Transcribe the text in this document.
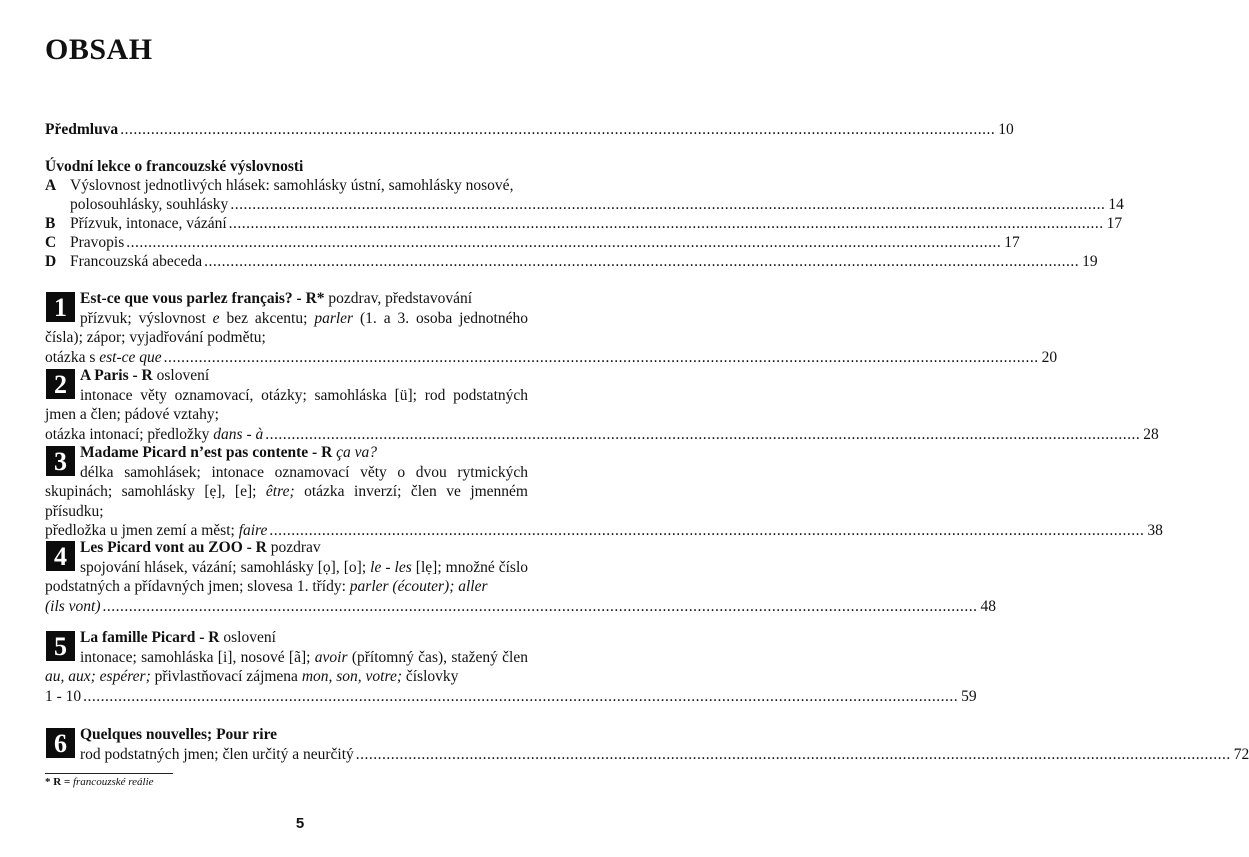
OBSAH
Předmluva .....	10
Úvodní lekce o francouzské výslovnosti
A Výslovnost jednotlivých hlásek: samohlásky ústní, samohlásky nosové,
polosouhlásky, souhlásky .....	14
B Přízvuk, intonace, vázání .....	17
C Pravopis .....	17
D Francouzská abeceda .....	19
1 Est-ce que vous parlez français? - R* pozdrav, představování
přízvuk; výslovnost e bez akcentu; parler (1. a 3. osoba jednotného čísla); zápor; vyjadřování podmětu;
otázka s est-ce que .....	20
2 A Paris - R oslovení
intonace věty oznamovací, otázky; samohláska [ü]; rod podstatných jmen a člen; pádové vztahy;
otázka intonací; předložky dans - à .....	28
3 Madame Picard n’est pas contente - R ça va?
délka samohlásek; intonace oznamovací věty o dvou rytmických skupinách; samohlásky [ẹ], [e]; être; otázka inverzí; člen ve jmenném přísudku;
předložka u jmen zemí a měst; faire .....	38
4 Les Picard vont au ZOO - R pozdrav
spojování hlásek, vázání; samohlásky [ọ], [o]; le - les [lẹ]; množné číslo podstatných a přídavných jmen; slovesa 1. třídy: parler (écouter); aller
(ils vont) .....	48
5 La famille Picard - R oslovení
intonace; samohláska [i], nosové [ã]; avoir (přítomný čas), stažený člen au, aux; espérer; přivlastňovací zájmena mon, son, votre; číslovky
1 - 10 .....	59
6 Quelques nouvelles; Pour rire
rod podstatných jmen; člen určitý a neurčitý .....	72
* R = francouzské reálie
5
